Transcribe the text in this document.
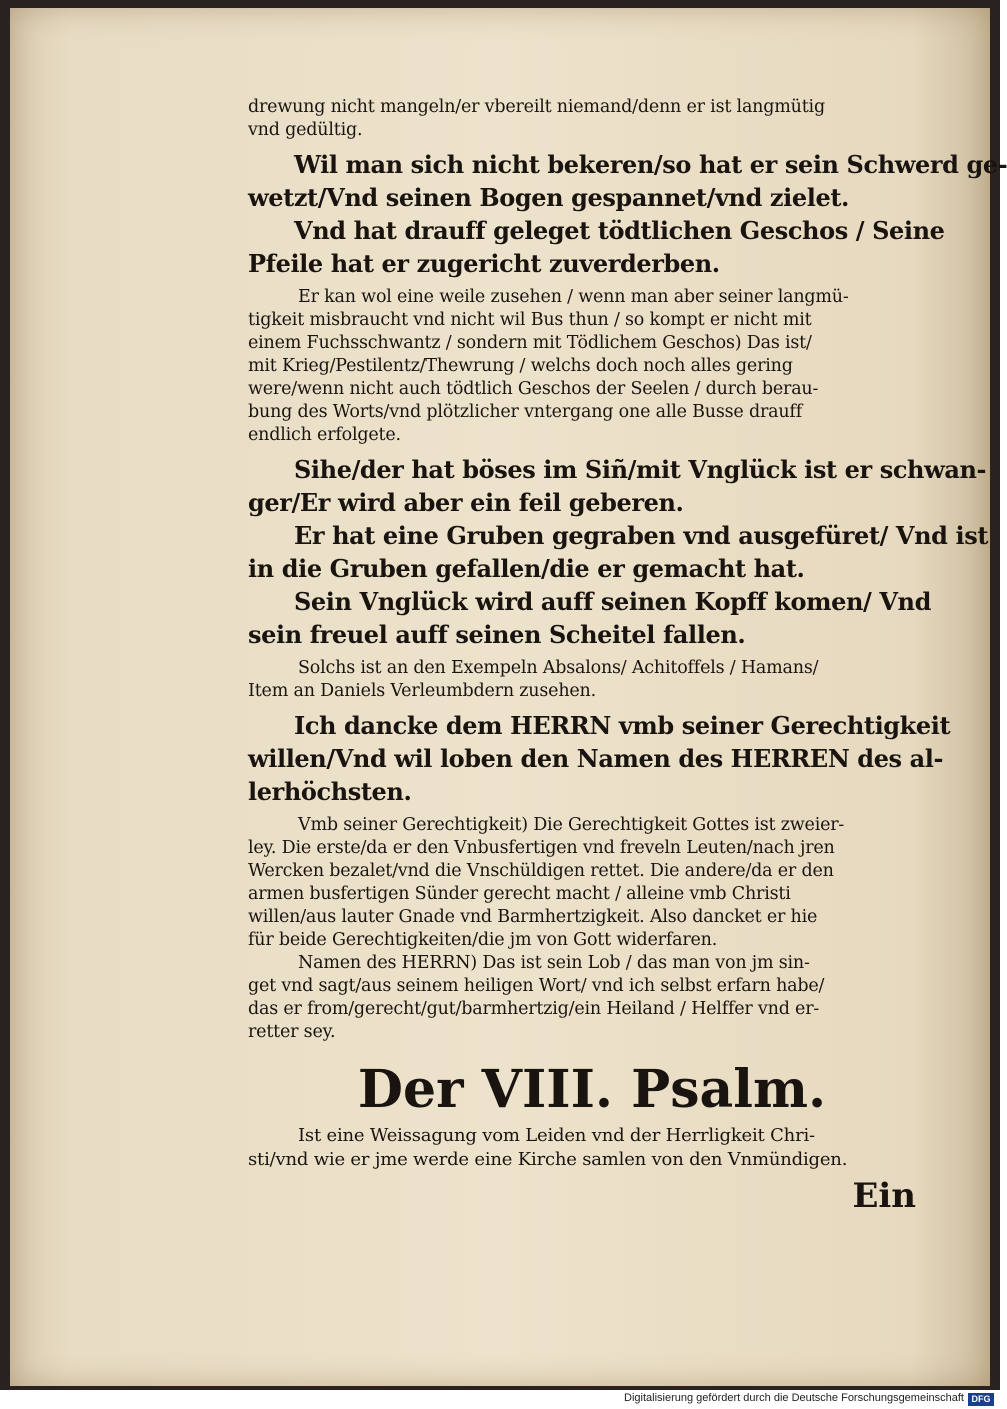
drewung nicht mangeln/er vbereilt niemand/denn er ist langmütig
vnd gedültig.
Wil man sich nicht bekeren/so hat er sein Schwerd ge-
wetzt/Vnd seinen Bogen gespannet/vnd zielet.
Vnd hat drauff geleget tödtlichen Geschos / Seine
Pfeile hat er zugericht zuverderben.
Er kan wol eine weile zusehen / wenn man aber seiner langmü-
tigkeit misbraucht vnd nicht wil Bus thun / so kompt er nicht mit
einem Fuchsschwantz / sondern mit Tödlichem Geschos) Das ist/
mit Krieg/Pestilentz/Thewrung / welchs doch noch alles gering
were/wenn nicht auch tödtlich Geschos der Seelen / durch berau-
bung des Worts/vnd plötzlicher vntergang one alle Busse drauff
endlich erfolgete.
Sihe/der hat böses im Siñ/mit Vnglück ist er schwan-
ger/Er wird aber ein feil geberen.
Er hat eine Gruben gegraben vnd ausgefüret/ Vnd ist
in die Gruben gefallen/die er gemacht hat.
Sein Vnglück wird auff seinen Kopff komen/ Vnd
sein freuel auff seinen Scheitel fallen.
Solchs ist an den Exempeln Absalons/ Achitoffels / Hamans/
Item an Daniels Verleumbdern zusehen.
Ich dancke dem HERRN vmb seiner Gerechtigkeit
willen/Vnd wil loben den Namen des HERREN des al-
lerhöchsten.
Vmb seiner Gerechtigkeit) Die Gerechtigkeit Gottes ist zweier-
ley. Die erste/da er den Vnbusfertigen vnd freveln Leuten/nach jren
Wercken bezalet/vnd die Vnschüldigen rettet. Die andere/da er den
armen busfertigen Sünder gerecht macht / alleine vmb Christi
willen/aus lauter Gnade vnd Barmhertzigkeit. Also dancket er hie
für beide Gerechtigkeiten/die jm von Gott widerfaren.
Namen des HERRN) Das ist sein Lob / das man von jm sin-
get vnd sagt/aus seinem heiligen Wort/ vnd ich selbst erfarn habe/
das er from/gerecht/gut/barmhertzig/ein Heiland / Helffer vnd er-
retter sey.
Der VIII. Psalm.
Ist eine Weissagung vom Leiden vnd der Herrligkeit Chri-
sti/vnd wie er jme werde eine Kirche samlen von den Vnmündigen.
Ein
Digitalisierung gefördert durch die Deutsche Forschungsgemeinschaft DFG
